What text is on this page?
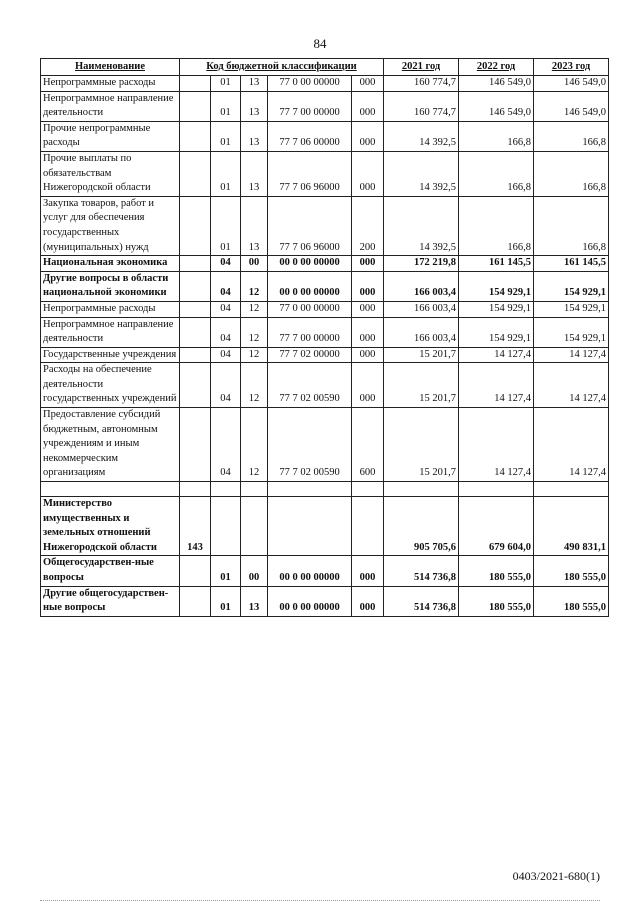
84
Наименование	Код бюджетной классификации					2021 год	2022 год	2023 год
Непрограммные расходы		01	13	77 0 00 00000	000	160 774,7	146 549,0	146 549,0
Непрограммное направление деятельности		01	13	77 7 00 00000	000	160 774,7	146 549,0	146 549,0
Прочие непрограммные расходы		01	13	77 7 06 00000	000	14 392,5	166,8	166,8
Прочие выплаты по обязательствам Нижегородской области		01	13	77 7 06 96000	000	14 392,5	166,8	166,8
Закупка товаров, работ и услуг для обеспечения государственных (муниципальных) нужд		01	13	77 7 06 96000	200	14 392,5	166,8	166,8
Национальная экономика		04	00	00 0 00 00000	000	172 219,8	161 145,5	161 145,5
Другие вопросы в области национальной экономики		04	12	00 0 00 00000	000	166 003,4	154 929,1	154 929,1
Непрограммные расходы		04	12	77 0 00 00000	000	166 003,4	154 929,1	154 929,1
Непрограммное направление деятельности		04	12	77 7 00 00000	000	166 003,4	154 929,1	154 929,1
Государственные учреждения		04	12	77 7 02 00000	000	15 201,7	14 127,4	14 127,4
Расходы на обеспечение деятельности государственных учреждений		04	12	77 7 02 00590	000	15 201,7	14 127,4	14 127,4
Предоставление субсидий бюджетным, автономным учреждениям и иным некоммерческим организациям		04	12	77 7 02 00590	600	15 201,7	14 127,4	14 127,4

Министерство имущественных и земельных отношений Нижегородской области	143					905 705,6	679 604,0	490 831,1
Общегосударствен-ные вопросы		01	00	00 0 00 00000	000	514 736,8	180 555,0	180 555,0
Другие общегосударствен-ные вопросы		01	13	00 0 00 00000	000	514 736,8	180 555,0	180 555,0
0403/2021-680(1)
